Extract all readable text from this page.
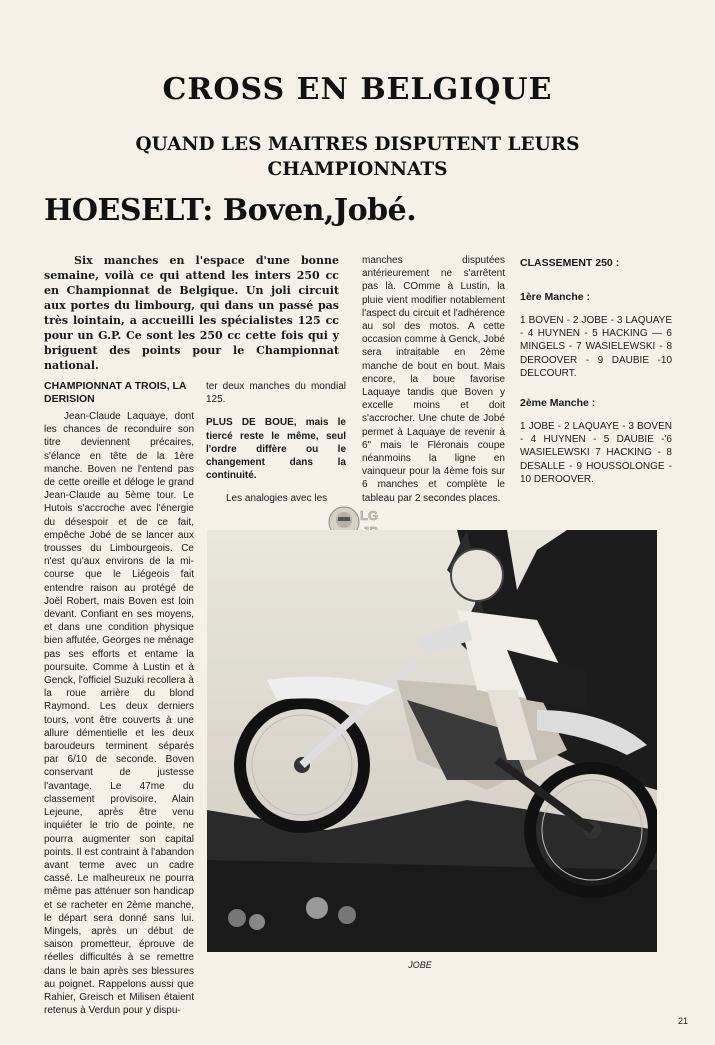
CROSS EN BELGIQUE
QUAND LES MAITRES DISPUTENT LEURS CHAMPIONNATS
HOESELT: Boven,Jobé.
Six manches en l'espace d'une bonne semaine, voilà ce qui attend les inters 250 cc en Championnat de Belgique. Un joli circuit aux portes du limbourg, qui dans un passé pas très lointain, a accueilli les spécialistes 125 cc pour un G.P. Ce sont les 250 cc cette fois qui y briguent des points pour le Championnat national.
CHAMPIONNAT A TROIS, LA DERISION

Jean-Claude Laquaye, dont les chances de reconduire son titre deviennent précaires, s'élance en tête de la 1ère manche. Boven ne l'entend pas de cette oreille et déloge le grand Jean-Claude au 5ème tour. Le Hutois s'accroche avec l'énergie du désespoir et de ce fait, empêche Jobé de se lancer aux trousses du Limbourgeois. Ce n'est qu'aux environs de la mi-course que le Liégeois fait entendre raison au protégé de Joël Robert, mais Boven est loin devant. Confiant en ses moyens, et dans une condition physique bien affutée, Georges ne ménage pas ses efforts et entame la poursuite. Comme à Lustin et à Genck, l'officiel Suzuki recollera à la roue arrière du blond Raymond. Les deux derniers tours, vont être couverts à une allure démentielle et les deux baroudeurs terminent séparés par 6/10 de seconde. Boven conservant de justesse l'avantage. Le 47me du classement provisoire, Alain Lejeune, après être venu inquiéter le trio de pointe, ne pourra augmenter son capital points. Il est contraint à l'abandon avant terme avec un cadre cassé. Le malheureux ne pourra même pas atténuer son handicap et se racheter en 2ème manche, le départ sera donné sans lui. Mingels, après un début de saison prometteur, éprouve de réelles difficultés à se remettre dans le bain après ses blessures au poignet. Rappelons aussi que Rahier, Greisch et Milisen étaient retenus à Verdun pour y dispu-

ter deux manches du mondial 125.

PLUS DE BOUE, mais le tiercé reste le même, seul l'ordre diffère ou le changement dans la continuité.

Les analogies avec les

manches disputées antérieurement ne s'arrêtent pas là. COmme à Lustin, la pluie vient modifier notablement l'aspect du circuit et l'adhérence au sol des motos. A cette occasion comme à Genck, Jobé sera intraitable en 2ème manche de bout en bout. Mais encore, la boue favorise Laquaye tandis que Boven y excelle moins et doit s'accrocher. Une chute de Jobé permet à Laquaye de revenir à 6" mais le Fléronais coupe néanmoins la ligne en vainqueur pour la 4ème fois sur 6 manches et complète le tableau par 2 secondes places.
CLASSEMENT 250 :
1ère Manche :
1 BOVEN - 2 JOBE - 3 LAQUAYE - 4 HUYNEN - 5 HACKING — 6 MINGELS - 7 WASIELEWSKI - 8 DEROOVER - 9 DAUBIE -10 DELCOURT.
2ème Manche :
1 JOBE - 2 LAQUAYE - 3 BOVEN - 4 HUYNEN - 5 DAUBIE -'6 WASIELEWSKI 7 HACKING - 8 DESALLE - 9 HOUSSOLONGE - 10 DEROOVER.
LG
JOBE
21
